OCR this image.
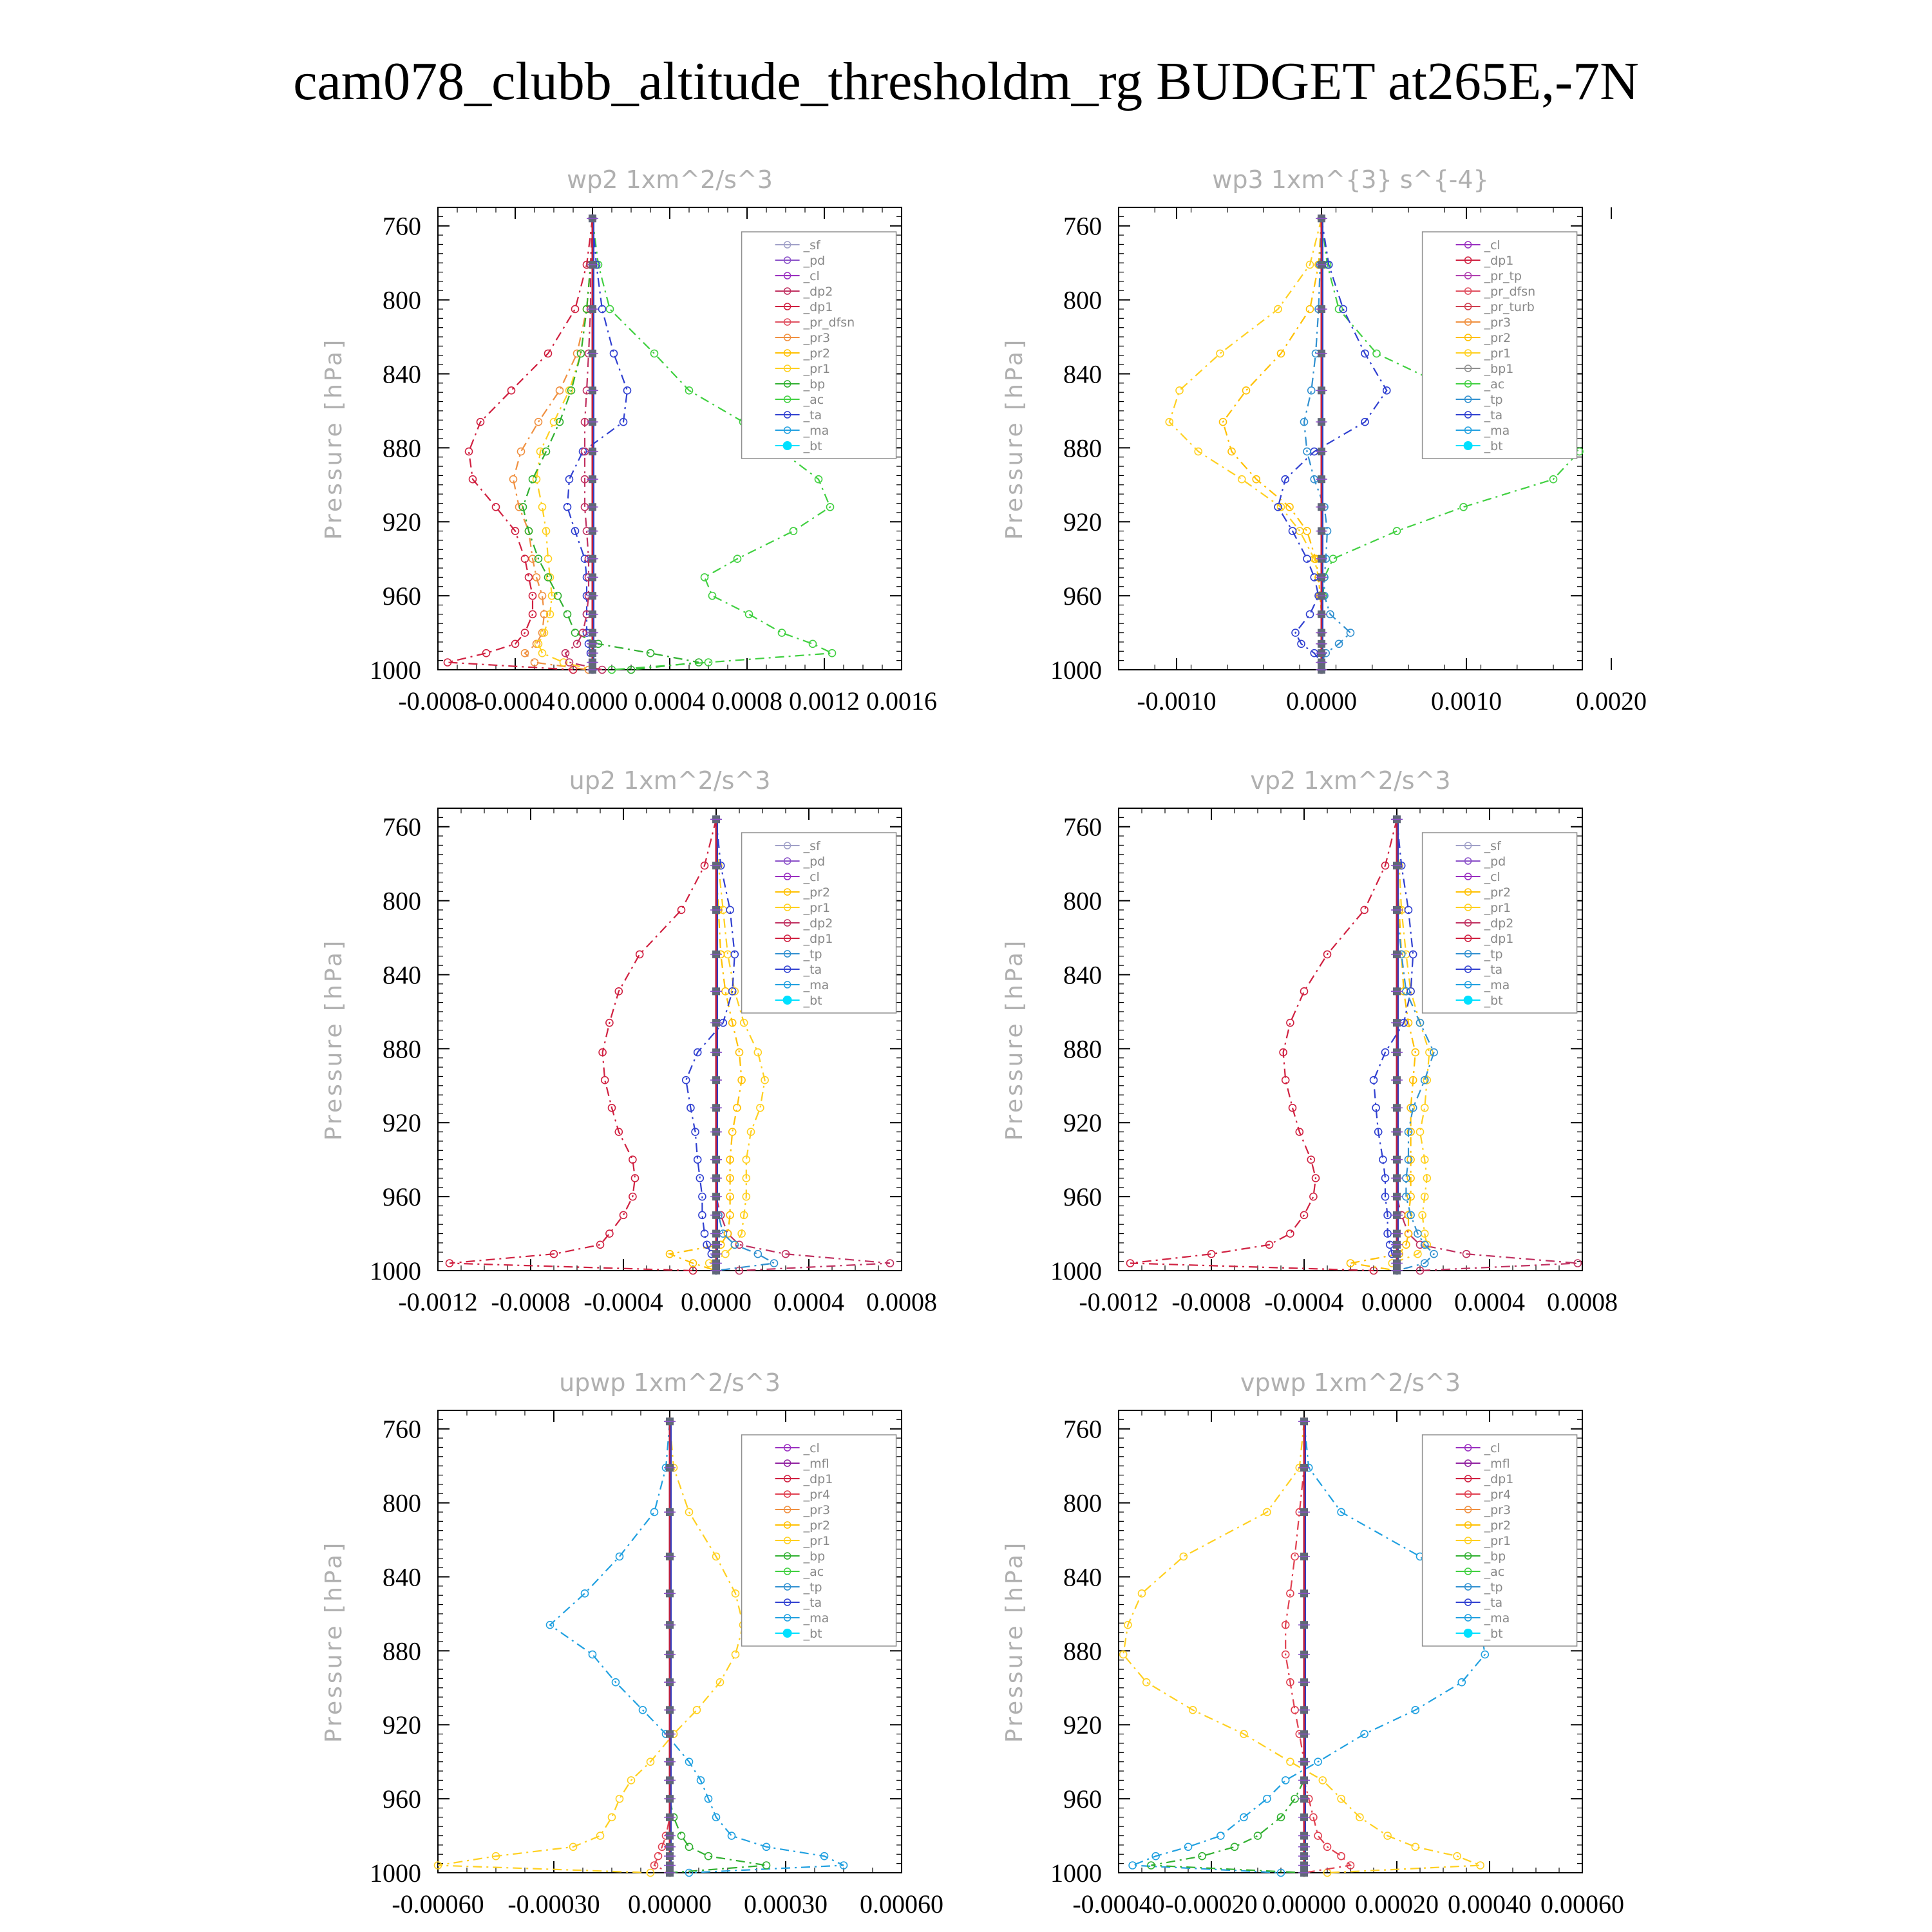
cam078_clubb_altitude_thresholdm_rg BUDGET at265E,-7N
760
800
840
880
920
960
1000
-0.0008
-0.0004 0.0000 0.0004 0.0008 0.0012 0.0016
wp2 1xm^2/s^3
Pressure [hPa]
_sf
_pd
_cl
_dp2
_dp1
_pr_dfsn
_pr3
_pr2
_pr1
_bp
_ac
_ta
_ma
_bt
760
800
840
880
920
960
1000
-0.0010	0.0000	0.0010	0.0020
wp3 1xm^{3} s^{-4}
Pressure [hPa]
_cl
_dp1
_pr_tp
_pr_dfsn
_pr_turb
_pr3
_pr2
_pr1
_bp1
_ac
_tp
_ta
_ma
_bt
760
800
840
880
920
960
1000
-0.0012 -0.0008 -0.0004 0.0000 0.0004 0.0008
up2 1xm^2/s^3
Pressure [hPa]
_sf
_pd
_cl
_pr2
_pr1
_dp2
_dp1
_tp
_ta
_ma
_bt
760
800
840
880
920
960
1000
-0.0012 -0.0008 -0.0004 0.0000 0.0004 0.0008
vp2 1xm^2/s^3
Pressure [hPa]
_sf
_pd
_cl
_pr2
_pr1
_dp2
_dp1
_tp
_ta
_ma
_bt
760
800
840
880
920
960
1000
-0.00060 -0.00030 0.00000 0.00030 0.00060
upwp 1xm^2/s^3
Pressure [hPa]
_cl
_mfl
_dp1
_pr4
_pr3
_pr2
_pr1
_bp
_ac
_tp
_ta
_ma
_bt
760
800
840
880
920
960
1000
-0.00040 -0.00020 0.00000 0.00020 0.00040 0.00060
vpwp 1xm^2/s^3
Pressure [hPa]
_cl
_mfl
_dp1
_pr4
_pr3
_pr2
_pr1
_bp
_ac
_tp
_ta
_ma
_bt
